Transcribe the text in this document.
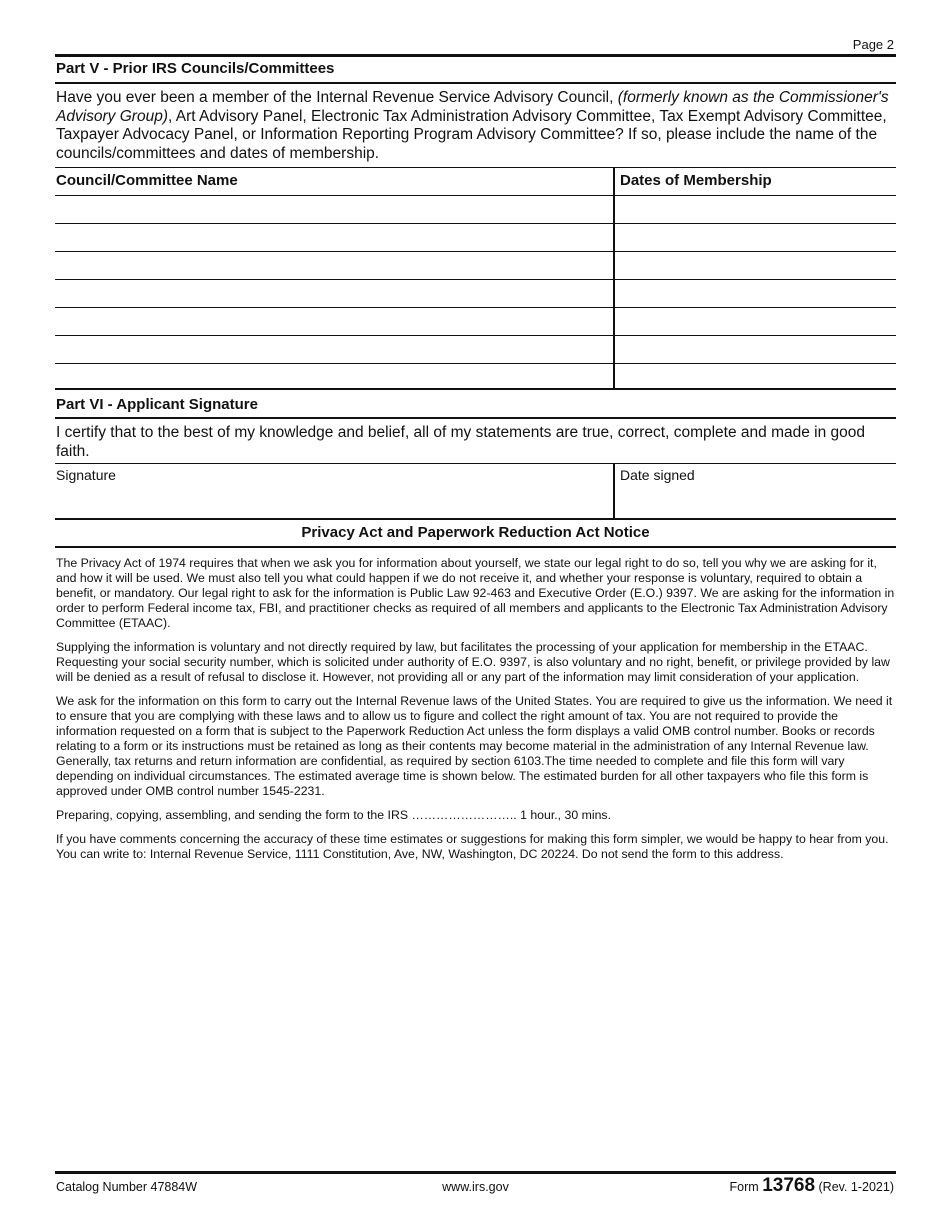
Page 2
Part V - Prior IRS Councils/Committees
Have you ever been a member of the Internal Revenue Service Advisory Council, (formerly known as the Commissioner's Advisory Group), Art Advisory Panel, Electronic Tax Administration Advisory Committee, Tax Exempt Advisory Committee, Taxpayer Advocacy Panel, or Information Reporting Program Advisory Committee? If so, please include the name of the councils/committees and dates of membership.
Council/Committee Name	Dates of Membership
Part VI - Applicant Signature
I certify that to the best of my knowledge and belief, all of my statements are true, correct, complete and made in good faith.
Signature	Date signed
Privacy Act and Paperwork Reduction Act Notice
The Privacy Act of 1974 requires that when we ask you for information about yourself, we state our legal right to do so, tell you why we are asking for it, and how it will be used. We must also tell you what could happen if we do not receive it, and whether your response is voluntary, required to obtain a benefit, or mandatory. Our legal right to ask for the information is Public Law 92-463 and Executive Order (E.O.) 9397. We are asking for the information in order to perform Federal income tax, FBI, and practitioner checks as required of all members and applicants to the Electronic Tax Administration Advisory Committee (ETAAC).
Supplying the information is voluntary and not directly required by law, but facilitates the processing of your application for membership in the ETAAC. Requesting your social security number, which is solicited under authority of E.O. 9397, is also voluntary and no right, benefit, or privilege provided by law will be denied as a result of refusal to disclose it. However, not providing all or any part of the information may limit consideration of your application.
We ask for the information on this form to carry out the Internal Revenue laws of the United States. You are required to give us the information. We need it to ensure that you are complying with these laws and to allow us to figure and collect the right amount of tax. You are not required to provide the information requested on a form that is subject to the Paperwork Reduction Act unless the form displays a valid OMB control number. Books or records relating to a form or its instructions must be retained as long as their contents may become material in the administration of any Internal Revenue law. Generally, tax returns and return information are confidential, as required by section 6103.The time needed to complete and file this form will vary depending on individual circumstances. The estimated average time is shown below. The estimated burden for all other taxpayers who file this form is approved under OMB control number 1545-2231.
Preparing, copying, assembling, and sending the form to the IRS …………………….. 1 hour., 30 mins.
If you have comments concerning the accuracy of these time estimates or suggestions for making this form simpler, we would be happy to hear from you. You can write to: Internal Revenue Service, 1111 Constitution, Ave, NW, Washington, DC 20224. Do not send the form to this address.
Catalog Number 47884W	www.irs.gov	Form 13768 (Rev. 1-2021)
